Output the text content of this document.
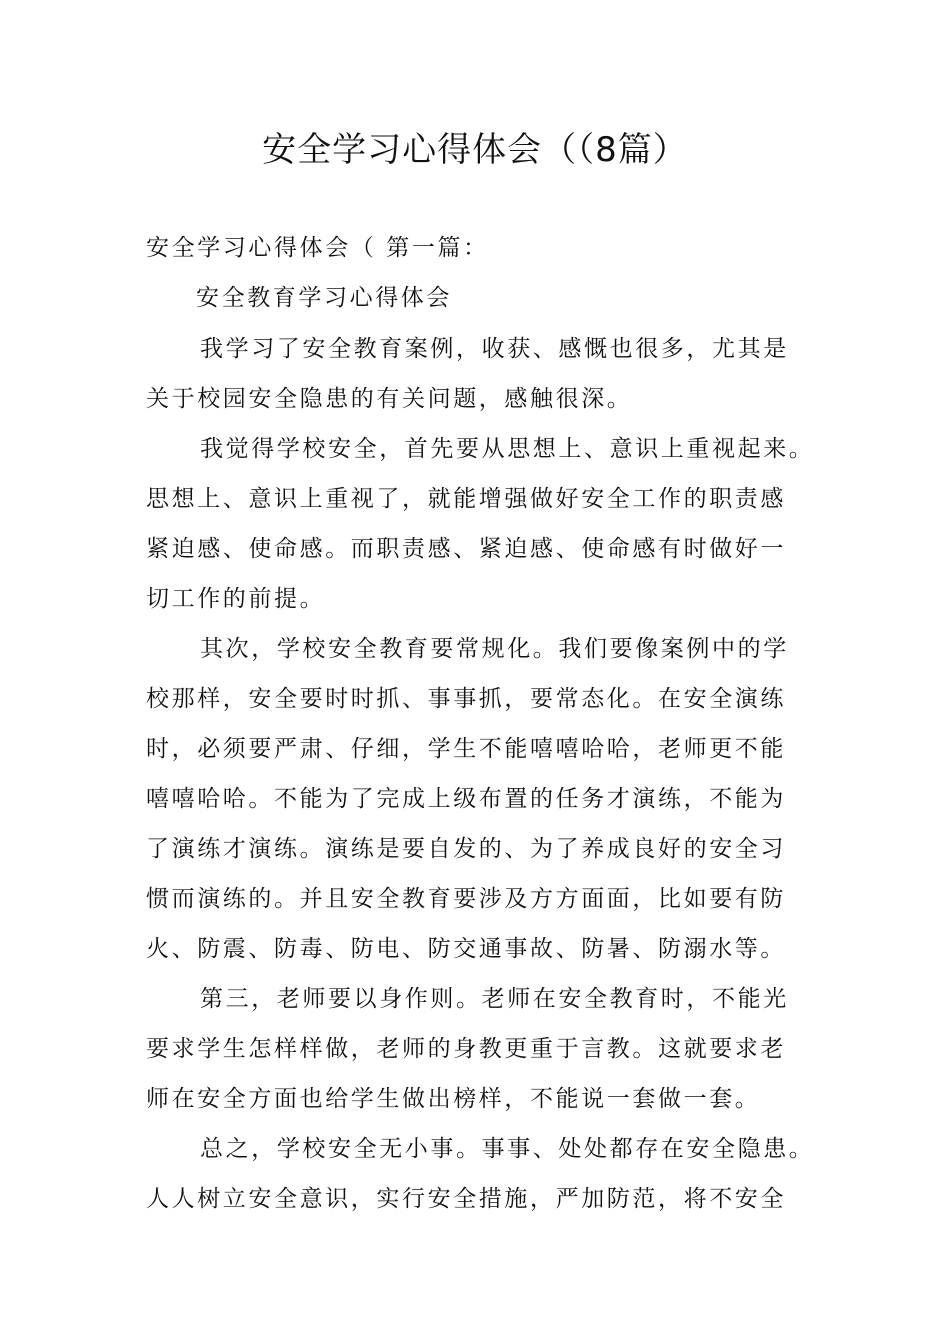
安全学习心得体会（（8篇）

安全学习心得体会（ 第一篇：

安全教育学习心得体会

我学习了安全教育案例，收获、感慨也很多，尤其是

关于校园安全隐患的有关问题，感触很深。

我觉得学校安全，首先要从思想上、意识上重视起来。

思想上、意识上重视了，就能增强做好安全工作的职责感

紧迫感、使命感。而职责感、紧迫感、使命感有时做好一

切工作的前提。

其次，学校安全教育要常规化。我们要像案例中的学

校那样，安全要时时抓、事事抓，要常态化。在安全演练

时，必须要严肃、仔细，学生不能嘻嘻哈哈，老师更不能

嘻嘻哈哈。不能为了完成上级布置的任务才演练，不能为

了演练才演练。演练是要自发的、为了养成良好的安全习

惯而演练的。并且安全教育要涉及方方面面，比如要有防

火、防震、防毒、防电、防交通事故、防暑、防溺水等。

第三，老师要以身作则。老师在安全教育时，不能光

要求学生怎样样做，老师的身教更重于言教。这就要求老

师在安全方面也给学生做出榜样，不能说一套做一套。

总之，学校安全无小事。事事、处处都存在安全隐患。

人人树立安全意识，实行安全措施，严加防范，将不安全
